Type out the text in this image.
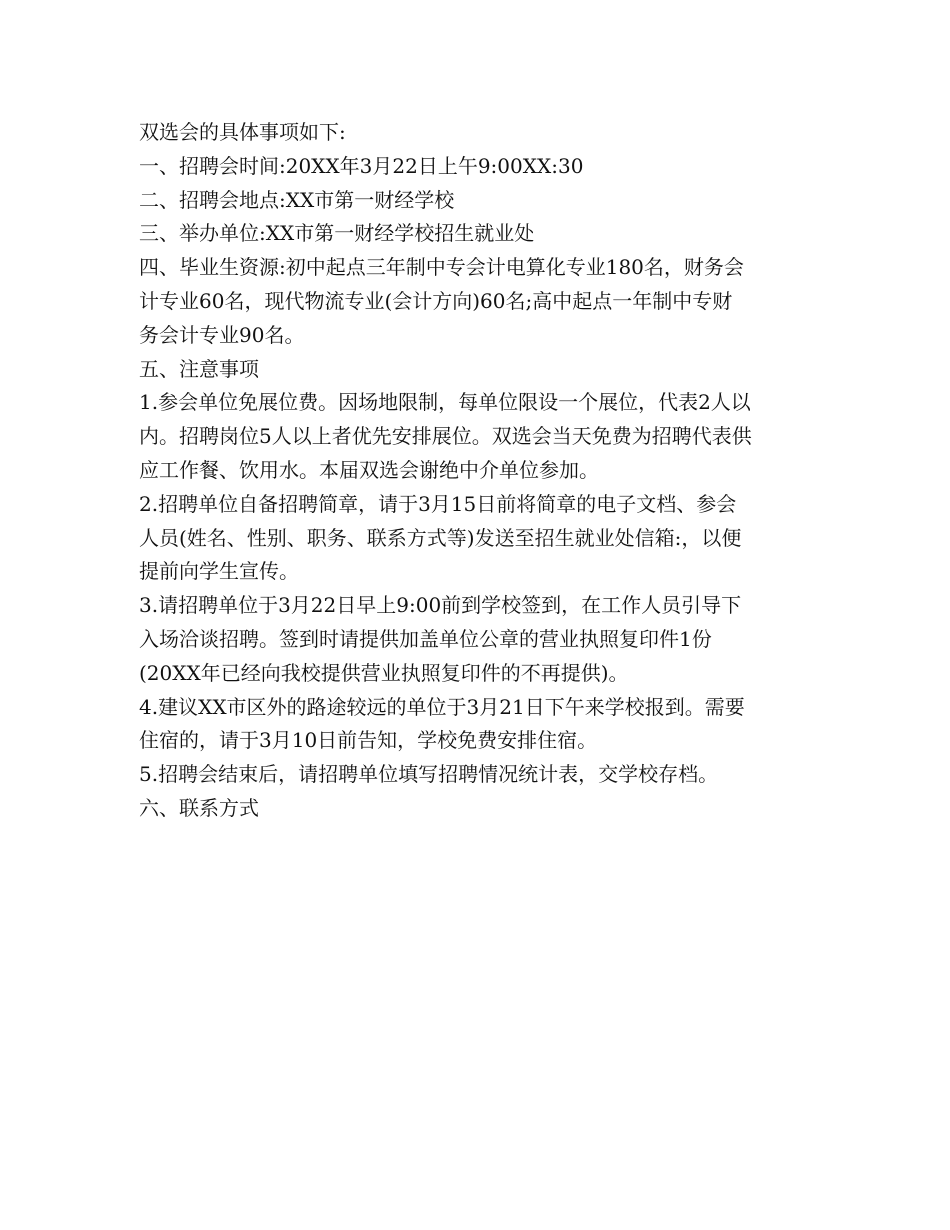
双选会的具体事项如下:

一、招聘会时间:20XX年3月22日上午9:00XX:30

二、招聘会地点:XX市第一财经学校

三、举办单位:XX市第一财经学校招生就业处

四、毕业生资源:初中起点三年制中专会计电算化专业180名，财务会

计专业60名，现代物流专业(会计方向)60名;高中起点一年制中专财

务会计专业90名。

五、注意事项

1.参会单位免展位费。因场地限制，每单位限设一个展位，代表2人以

内。招聘岗位5人以上者优先安排展位。双选会当天免费为招聘代表供

应工作餐、饮用水。本届双选会谢绝中介单位参加。

2.招聘单位自备招聘简章，请于3月15日前将简章的电子文档、参会

人员(姓名、性别、职务、联系方式等)发送至招生就业处信箱:，以便

提前向学生宣传。

3.请招聘单位于3月22日早上9:00前到学校签到，在工作人员引导下

入场洽谈招聘。签到时请提供加盖单位公章的营业执照复印件1份

(20XX年已经向我校提供营业执照复印件的不再提供)。

4.建议XX市区外的路途较远的单位于3月21日下午来学校报到。需要

住宿的，请于3月10日前告知，学校免费安排住宿。

5.招聘会结束后，请招聘单位填写招聘情况统计表，交学校存档。

六、联系方式
